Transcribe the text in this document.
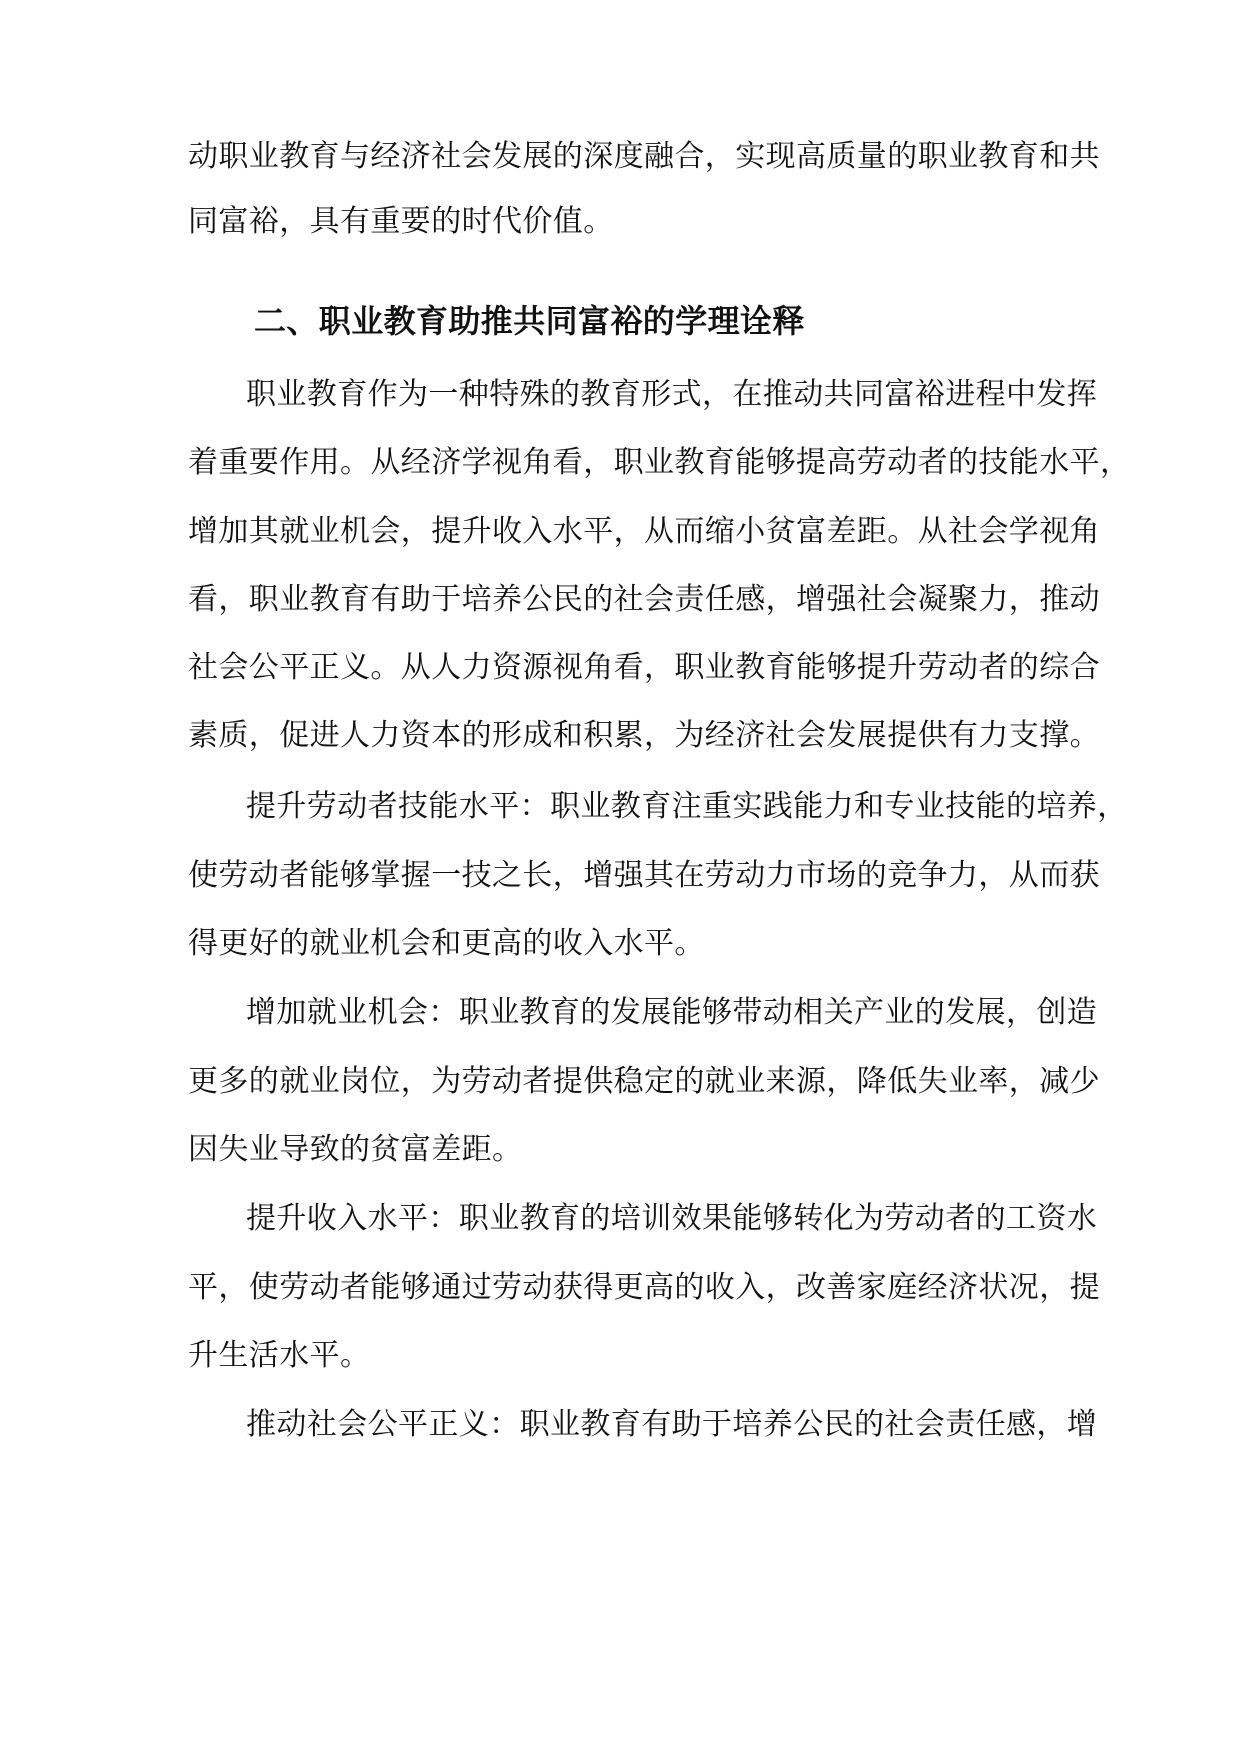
动职业教育与经济社会发展的深度融合，实现高质量的职业教育和共
同富裕，具有重要的时代价值。
二、职业教育助推共同富裕的学理诠释
职业教育作为一种特殊的教育形式，在推动共同富裕进程中发挥
着重要作用。从经济学视角看，职业教育能够提高劳动者的技能水平，
增加其就业机会，提升收入水平，从而缩小贫富差距。从社会学视角
看，职业教育有助于培养公民的社会责任感，增强社会凝聚力，推动
社会公平正义。从人力资源视角看，职业教育能够提升劳动者的综合
素质，促进人力资本的形成和积累，为经济社会发展提供有力支撑。
提升劳动者技能水平：职业教育注重实践能力和专业技能的培养，
使劳动者能够掌握一技之长，增强其在劳动力市场的竞争力，从而获
得更好的就业机会和更高的收入水平。
增加就业机会：职业教育的发展能够带动相关产业的发展，创造
更多的就业岗位，为劳动者提供稳定的就业来源，降低失业率，减少
因失业导致的贫富差距。
提升收入水平：职业教育的培训效果能够转化为劳动者的工资水
平，使劳动者能够通过劳动获得更高的收入，改善家庭经济状况，提
升生活水平。
推动社会公平正义：职业教育有助于培养公民的社会责任感，增
